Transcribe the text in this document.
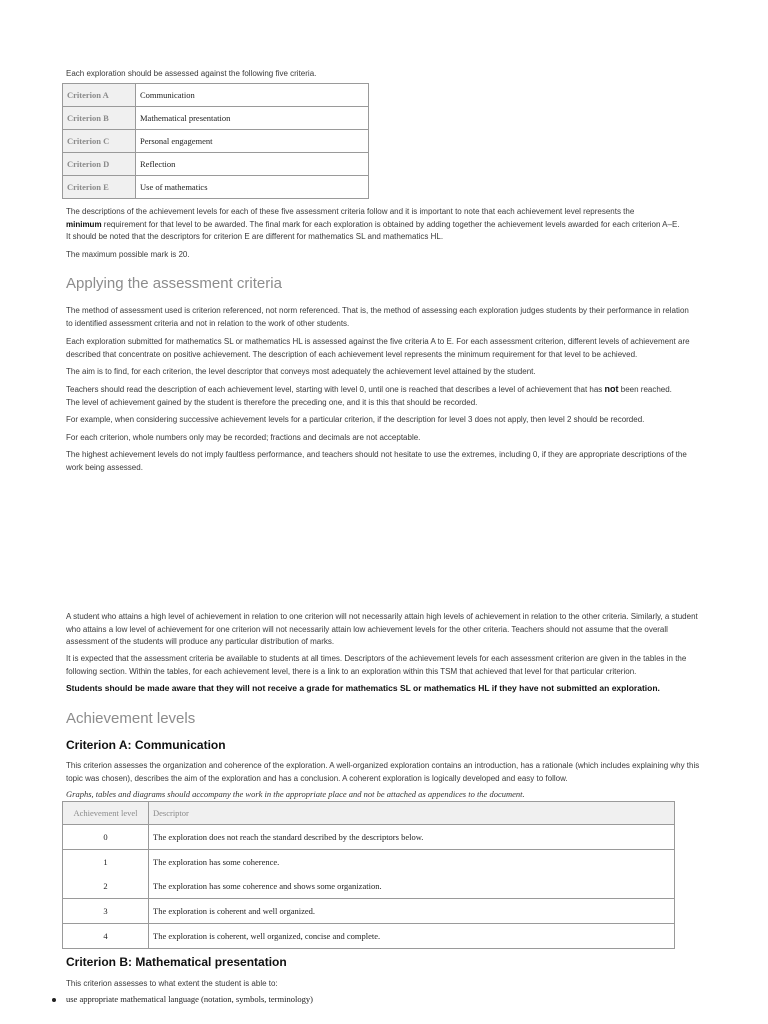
Each exploration should be assessed against the following five criteria.

Criterion A	Communication
Criterion B	Mathematical presentation
Criterion C	Personal engagement
Criterion D	Reflection
Criterion E	Use of mathematics

The descriptions of the achievement levels for each of these five assessment criteria follow and it is important to note that each achievement level represents the
minimum requirement for that level to be awarded. The final mark for each exploration is obtained by adding together the achievement levels awarded for each criterion A–E.
It should be noted that the descriptors for criterion E are different for mathematics SL and mathematics HL.

The maximum possible mark is 20.

Applying the assessment criteria

The method of assessment used is criterion referenced, not norm referenced. That is, the method of assessing each exploration judges students by their performance in relation to identified assessment criteria and not in relation to the work of other students.

Each exploration submitted for mathematics SL or mathematics HL is assessed against the five criteria A to E. For each assessment criterion, different levels of achievement are described that concentrate on positive achievement. The description of each achievement level represents the minimum requirement for that level to be achieved.

The aim is to find, for each criterion, the level descriptor that conveys most adequately the achievement level attained by the student.

Teachers should read the description of each achievement level, starting with level 0, until one is reached that describes a level of achievement that has not been reached.
The level of achievement gained by the student is therefore the preceding one, and it is this that should be recorded.

For example, when considering successive achievement levels for a particular criterion, if the description for level 3 does not apply, then level 2 should be recorded.

For each criterion, whole numbers only may be recorded; fractions and decimals are not acceptable.

The highest achievement levels do not imply faultless performance, and teachers should not hesitate to use the extremes, including 0, if they are appropriate descriptions of the work being assessed.

A student who attains a high level of achievement in relation to one criterion will not necessarily attain high levels of achievement in relation to the other criteria. Similarly, a student who attains a low level of achievement for one criterion will not necessarily attain low achievement levels for the other criteria. Teachers should not assume that the overall assessment of the students will produce any particular distribution of marks.

It is expected that the assessment criteria be available to students at all times. Descriptors of the achievement levels for each assessment criterion are given in the tables in the following section. Within the tables, for each achievement level, there is a link to an exploration within this TSM that achieved that level for that particular criterion.

Students should be made aware that they will not receive a grade for mathematics SL or mathematics HL if they have not submitted an exploration.

Achievement levels
Criterion A: Communication

This criterion assesses the organization and coherence of the exploration. A well-organized exploration contains an introduction, has a rationale (which includes explaining why this topic was chosen), describes the aim of the exploration and has a conclusion. A coherent exploration is logically developed and easy to follow.

Graphs, tables and diagrams should accompany the work in the appropriate place and not be attached as appendices to the document.

Achievement level	Descriptor
0	The exploration does not reach the standard described by the descriptors below.
1	The exploration has some coherence.
2	The exploration has some coherence and shows some organization.
3	The exploration is coherent and well organized.
4	The exploration is coherent, well organized, concise and complete.
Criterion B: Mathematical presentation

This criterion assesses to what extent the student is able to:

use appropriate mathematical language (notation, symbols, terminology)
